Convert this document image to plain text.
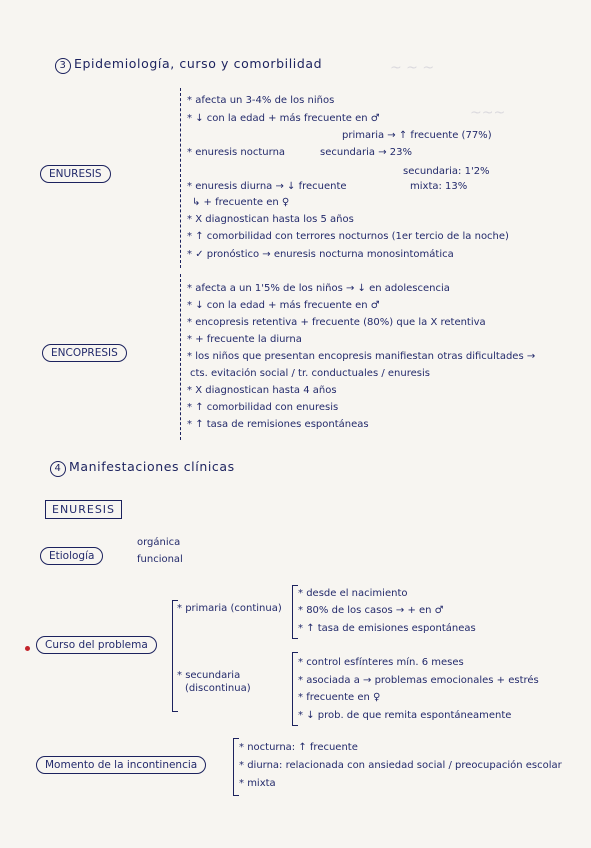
~ ~ ~
~~~
3 Epidemiología, curso y comorbilidad
ENURESIS
* afecta un 3-4% de los niños
* ↓ con la edad + más frecuente en ♂
* enuresis nocturna
primaria → ↑ frecuente (77%)
secundaria → 23%
secundaria: 1'2%
* enuresis diurna → ↓ frecuente	mixta: 13%
↳ + frecuente en ♀
* X diagnostican hasta los 5 años
* ↑ comorbilidad con terrores nocturnos (1er tercio de la noche)
* ✓ pronóstico → enuresis nocturna monosintomática
ENCOPRESIS
* afecta a un 1'5% de los niños → ↓ en adolescencia
* ↓ con la edad + más frecuente en ♂
* encopresis retentiva + frecuente (80%) que la X retentiva
* + frecuente la diurna
* los niños que presentan encopresis manifiestan otras dificultades →
cts. evitación social / tr. conductuales / enuresis
* X diagnostican hasta 4 años
* ↑ comorbilidad con enuresis
* ↑ tasa de remisiones espontáneas
4 Manifestaciones clínicas
ENURESIS
Etiología
orgánica
funcional
Curso del problema
* primaria (continua)
* desde el nacimiento
* 80% de los casos → + en ♂
* ↑ tasa de emisiones espontáneas
* secundaria
(discontinua)
* control esfínteres mín. 6 meses
* asociada a → problemas emocionales + estrés
* frecuente en ♀
* ↓ prob. de que remita espontáneamente
Momento de la incontinencia
* nocturna: ↑ frecuente
* diurna: relacionada con ansiedad social / preocupación escolar
* mixta
